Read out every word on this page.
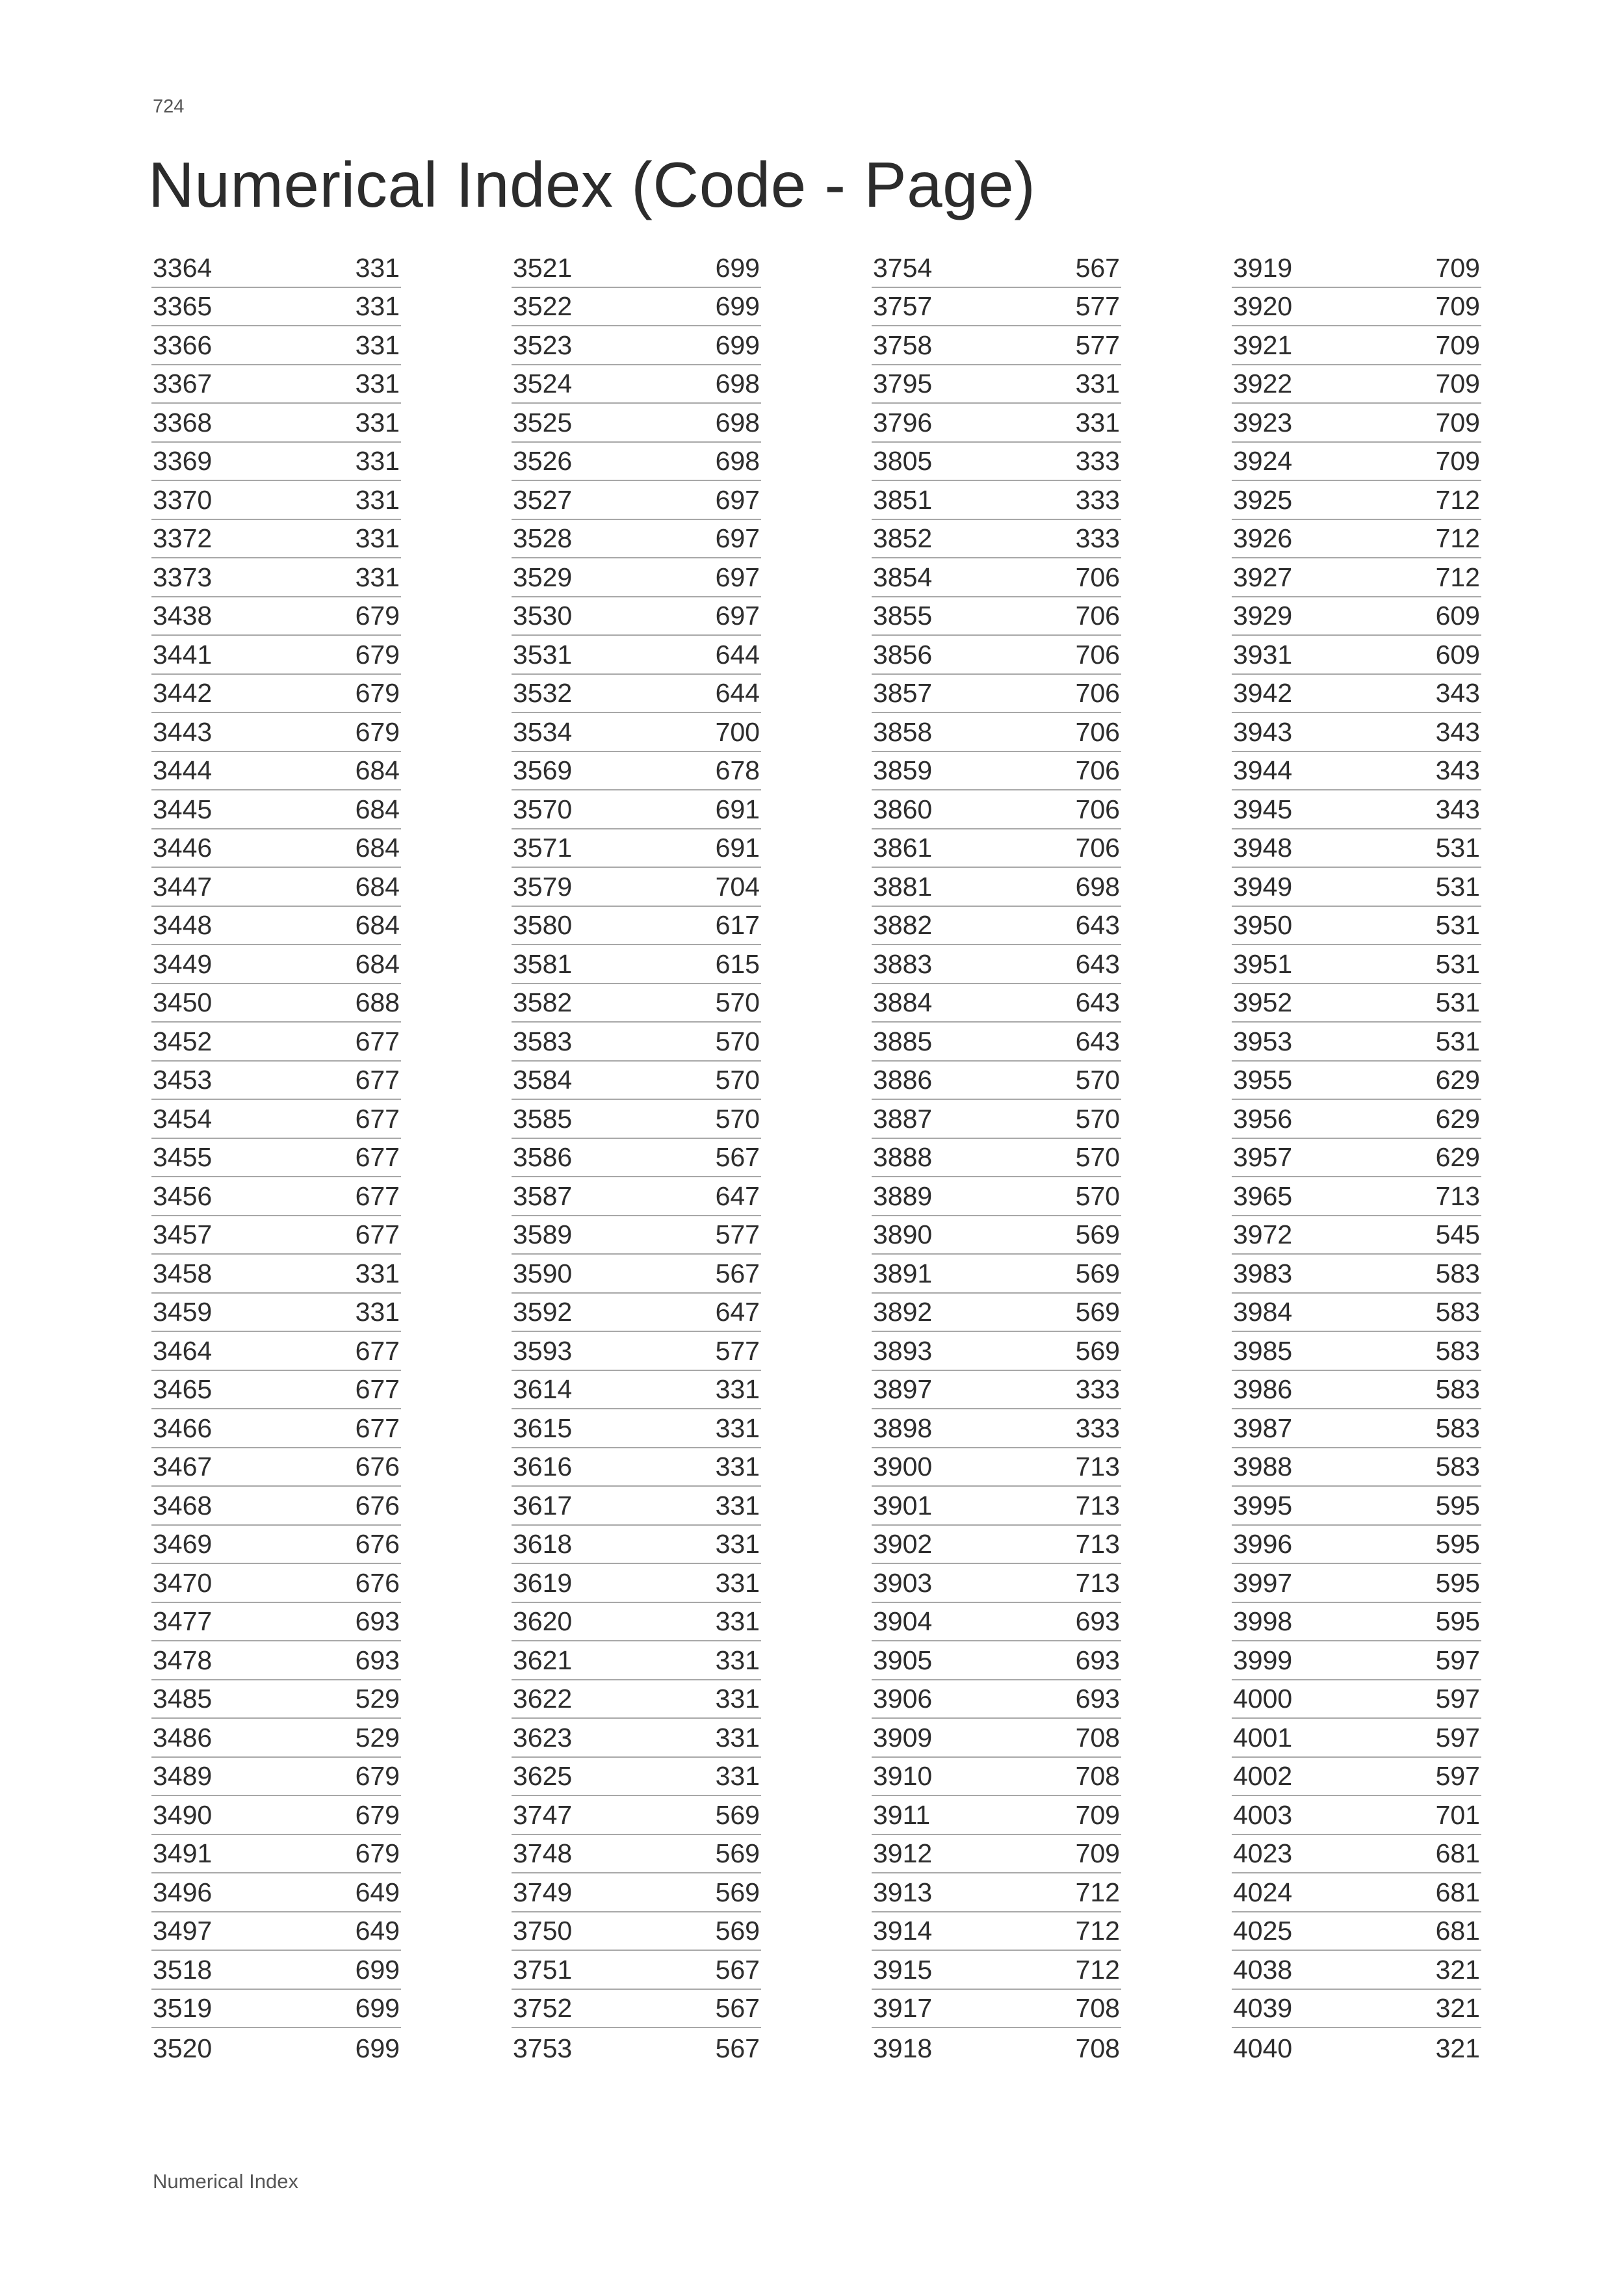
724
Numerical Index (Code - Page)
3364	331
3365	331
3366	331
3367	331
3368	331
3369	331
3370	331
3372	331
3373	331
3438	679
3441	679
3442	679
3443	679
3444	684
3445	684
3446	684
3447	684
3448	684
3449	684
3450	688
3452	677
3453	677
3454	677
3455	677
3456	677
3457	677
3458	331
3459	331
3464	677
3465	677
3466	677
3467	676
3468	676
3469	676
3470	676
3477	693
3478	693
3485	529
3486	529
3489	679
3490	679
3491	679
3496	649
3497	649
3518	699
3519	699
3520	699
3521	699
3522	699
3523	699
3524	698
3525	698
3526	698
3527	697
3528	697
3529	697
3530	697
3531	644
3532	644
3534	700
3569	678
3570	691
3571	691
3579	704
3580	617
3581	615
3582	570
3583	570
3584	570
3585	570
3586	567
3587	647
3589	577
3590	567
3592	647
3593	577
3614	331
3615	331
3616	331
3617	331
3618	331
3619	331
3620	331
3621	331
3622	331
3623	331
3625	331
3747	569
3748	569
3749	569
3750	569
3751	567
3752	567
3753	567
3754	567
3757	577
3758	577
3795	331
3796	331
3805	333
3851	333
3852	333
3854	706
3855	706
3856	706
3857	706
3858	706
3859	706
3860	706
3861	706
3881	698
3882	643
3883	643
3884	643
3885	643
3886	570
3887	570
3888	570
3889	570
3890	569
3891	569
3892	569
3893	569
3897	333
3898	333
3900	713
3901	713
3902	713
3903	713
3904	693
3905	693
3906	693
3909	708
3910	708
3911	709
3912	709
3913	712
3914	712
3915	712
3917	708
3918	708
3919	709
3920	709
3921	709
3922	709
3923	709
3924	709
3925	712
3926	712
3927	712
3929	609
3931	609
3942	343
3943	343
3944	343
3945	343
3948	531
3949	531
3950	531
3951	531
3952	531
3953	531
3955	629
3956	629
3957	629
3965	713
3972	545
3983	583
3984	583
3985	583
3986	583
3987	583
3988	583
3995	595
3996	595
3997	595
3998	595
3999	597
4000	597
4001	597
4002	597
4003	701
4023	681
4024	681
4025	681
4038	321
4039	321
4040	321
Numerical Index
